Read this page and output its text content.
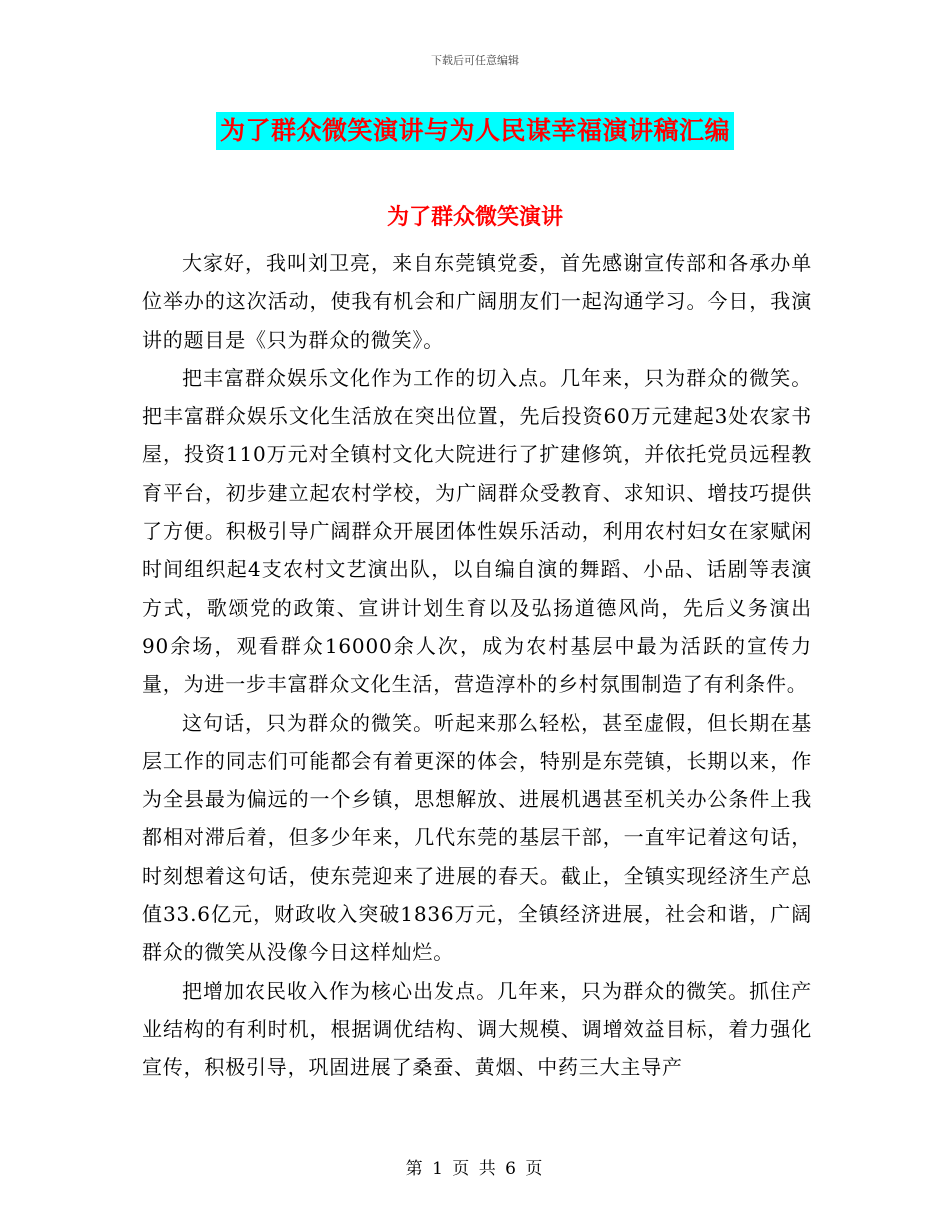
下载后可任意编辑
为了群众微笑演讲与为人民谋幸福演讲稿汇编
为了群众微笑演讲

大家好，我叫刘卫亮，来自东莞镇党委，首先感谢宣传部和各承办单位举办的这次活动，使我有机会和广阔朋友们一起沟通学习。今日，我演讲的题目是《只为群众的微笑》。

把丰富群众娱乐文化作为工作的切入点。几年来，只为群众的微笑。把丰富群众娱乐文化生活放在突出位置，先后投资60万元建起3处农家书屋，投资110万元对全镇村文化大院进行了扩建修筑，并依托党员远程教育平台，初步建立起农村学校，为广阔群众受教育、求知识、增技巧提供了方便。积极引导广阔群众开展团体性娱乐活动，利用农村妇女在家赋闲时间组织起4支农村文艺演出队，以自编自演的舞蹈、小品、话剧等表演方式，歌颂党的政策、宣讲计划生育以及弘扬道德风尚，先后义务演出90余场，观看群众16000余人次，成为农村基层中最为活跃的宣传力量，为进一步丰富群众文化生活，营造淳朴的乡村氛围制造了有利条件。

这句话，只为群众的微笑。听起来那么轻松，甚至虚假，但长期在基层工作的同志们可能都会有着更深的体会，特别是东莞镇，长期以来，作为全县最为偏远的一个乡镇，思想解放、进展机遇甚至机关办公条件上我都相对滞后着，但多少年来，几代东莞的基层干部，一直牢记着这句话，时刻想着这句话，使东莞迎来了进展的春天。截止，全镇实现经济生产总值33.6亿元，财政收入突破1836万元，全镇经济进展，社会和谐，广阔群众的微笑从没像今日这样灿烂。

把增加农民收入作为核心出发点。几年来，只为群众的微笑。抓住产业结构的有利时机，根据调优结构、调大规模、调增效益目标，着力强化宣传，积极引导，巩固进展了桑蚕、黄烟、中药三大主导产

第 1 页 共 6 页
